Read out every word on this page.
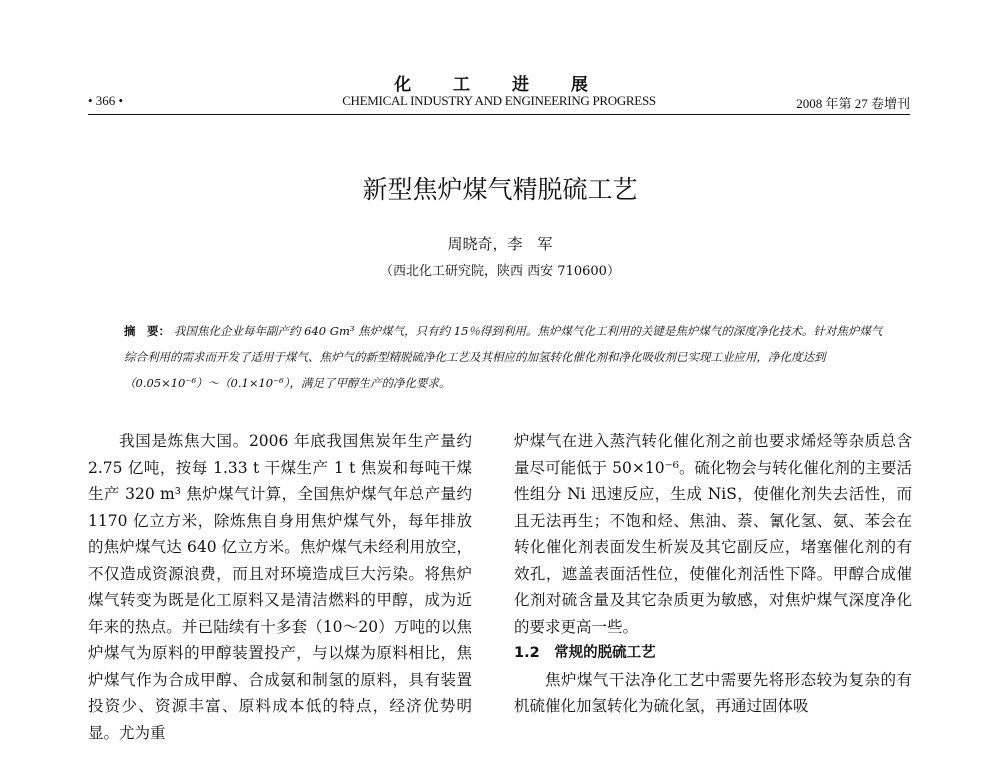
化 工 进 展
CHEMICAL INDUSTRY AND ENGINEERING PROGRESS
• 366 •	2008 年第 27 卷增刊
新型焦炉煤气精脱硫工艺
周晓奇，李　军
（西北化工研究院，陕西 西安 710600）
摘　要： 我国焦化企业每年副产约 640 Gm³ 焦炉煤气，只有约 15％得到利用。焦炉煤气化工利用的关键是焦炉煤气的深度净化技术。针对焦炉煤气综合利用的需求而开发了适用于煤气、焦炉气的新型精脱硫净化工艺及其相应的加氢转化催化剂和净化吸收剂已实现工业应用，净化度达到（0.05×10⁻⁶）～（0.1×10⁻⁶），满足了甲醇生产的净化要求。

我国是炼焦大国。2006 年底我国焦炭年生产量约 2.75 亿吨，按每 1.33 t 干煤生产 1 t 焦炭和每吨干煤生产 320 m³ 焦炉煤气计算，全国焦炉煤气年总产量约 1170 亿立方米，除炼焦自身用焦炉煤气外，每年排放的焦炉煤气达 640 亿立方米。焦炉煤气未经利用放空，不仅造成资源浪费，而且对环境造成巨大污染。将焦炉煤气转变为既是化工原料又是清洁燃料的甲醇，成为近年来的热点。并已陆续有十多套（10～20）万吨的以焦炉煤气为原料的甲醇装置投产，与以煤为原料相比，焦炉煤气作为合成甲醇、合成氨和制氢的原料，具有装置投资少、资源丰富、原料成本低的特点，经济优势明显。尤为重

炉煤气在进入蒸汽转化催化剂之前也要求烯烃等杂质总含量尽可能低于 50×10⁻⁶。硫化物会与转化催化剂的主要活性组分 Ni 迅速反应，生成 NiS，使催化剂失去活性，而且无法再生；不饱和烃、焦油、萘、氰化氢、氨、苯会在转化催化剂表面发生析炭及其它副反应，堵塞催化剂的有效孔，遮盖表面活性位，使催化剂活性下降。甲醇合成催化剂对硫含量及其它杂质更为敏感，对焦炉煤气深度净化的要求更高一些。

1.2　常规的脱硫工艺

焦炉煤气干法净化工艺中需要先将形态较为复杂的有机硫催化加氢转化为硫化氢，再通过固体吸
